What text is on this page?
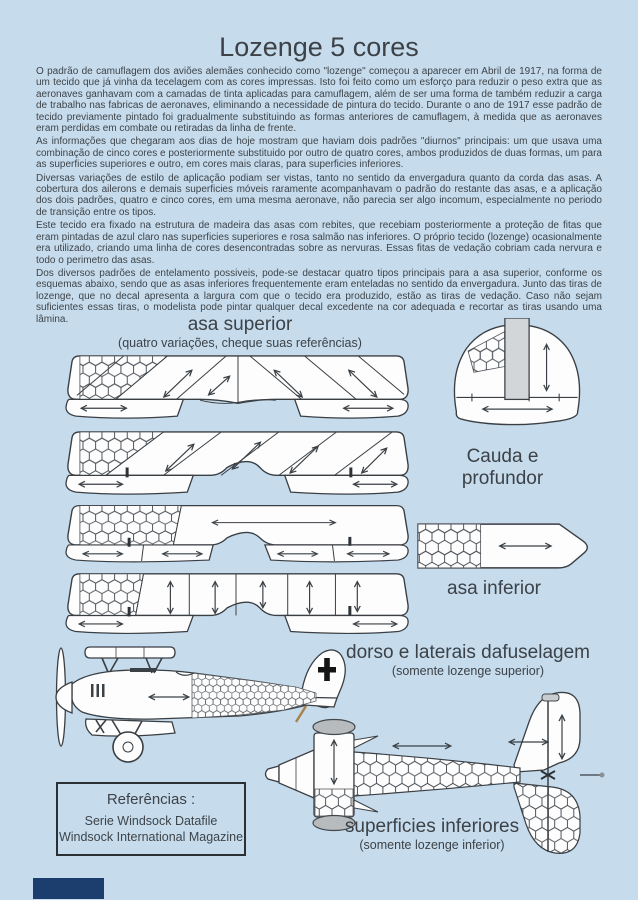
Lozenge 5 cores

O padrão de camuflagem dos aviões alemães conhecido como "lozenge" começou a aparecer em Abril de 1917, na forma de um tecido que já vinha da tecelagem com as cores impressas. Isto foi feito como um esforço para reduzir o peso extra que as aeronaves ganhavam com a camadas de tinta aplicadas para camuflagem, além de ser uma forma de também reduzir a carga de trabalho nas fabricas de aeronaves, eliminando a necessidade de pintura do tecido. Durante o ano de 1917 esse padrão de tecido previamente pintado foi gradualmente substituindo as formas anteriores de camuflagem, à medida que as aeronaves eram perdidas em combate ou retiradas da linha de frente.

As informações que chegaram aos dias de hoje mostram que haviam dois padrões "diurnos" principais: um que usava uma combinação de cinco cores e posteriormente substituido por outro de quatro cores, ambos produzidos de duas formas, um para as superficies superiores e outro, em cores mais claras, para superficies inferiores.

Diversas variações de estilo de aplicação podiam ser vistas, tanto no sentido da envergadura quanto da corda das asas. A cobertura dos ailerons e demais superficies móveis raramente acompanhavam o padrão do restante das asas, e a aplicação dos dois padrões, quatro e cinco cores, em uma mesma aeronave, não parecia ser algo incomum, especialmente no periodo de transição entre os tipos.

Este tecido era fixado na estrutura de madeira das asas com rebites, que recebiam posteriormente a proteção de fitas que eram pintadas de azul claro nas superficies superiores e rosa salmão nas inferiores. O próprio tecido (lozenge) ocasionalmente era utilizado, criando uma linha de cores desencontradas sobre as nervuras. Essas fitas de vedação cobriam cada nervura e todo o perimetro das asas.

Dos diversos padrões de entelamento possiveis, pode-se destacar quatro tipos principais para a asa superior, conforme os esquemas abaixo, sendo que as asas inferiores frequentemente eram enteladas no sentido da envergadura. Junto das tiras de lozenge, que no decal apresenta a largura com que o tecido era produzido, estão as tiras de vedação. Caso não sejam suficientes essas tiras, o modelista pode pintar qualquer decal excedente na cor adequada e recortar as tiras usando uma lâmina.	asa superior
(quatro variações, cheque suas referências)
Cauda e
profundor
asa inferior
dorso e laterais dafuselagem
(somente lozenge superior)
superficies inferiores
(somente lozenge inferior)
Referências :
Serie Windsock Datafile
Windsock International Magazine
